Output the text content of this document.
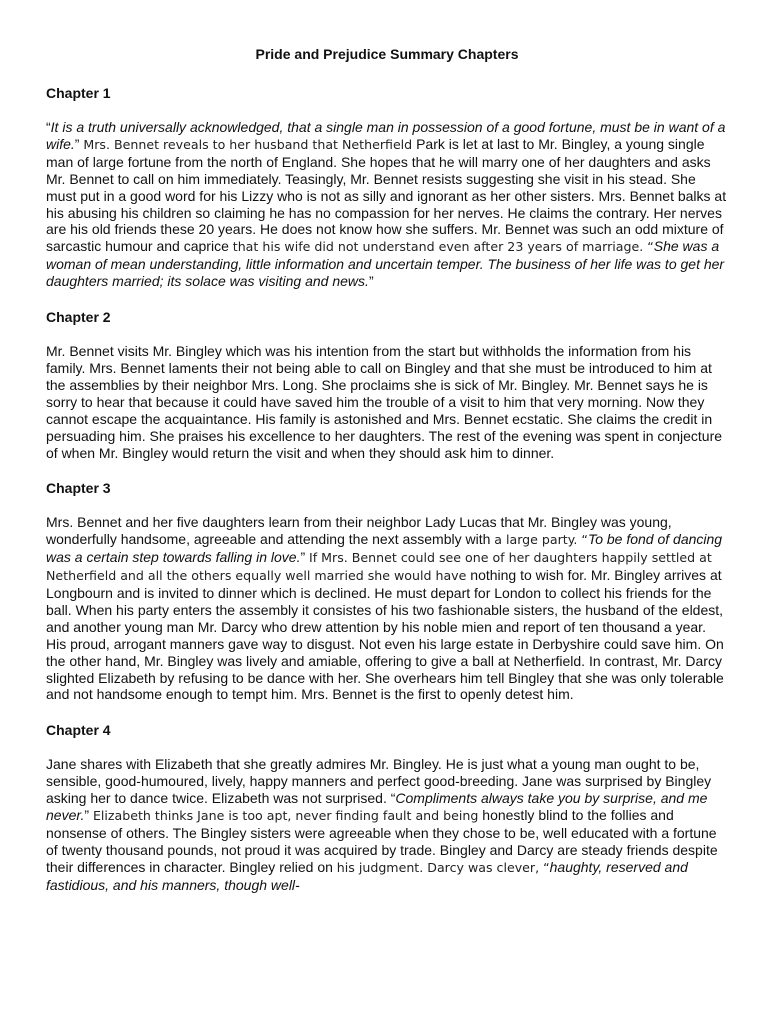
Pride and Prejudice Summary Chapters
Chapter 1
“It is a truth universally acknowledged, that a single man in possession of a good fortune, must be in want of a wife.” Mrs. Bennet reveals to her husband that Netherfield Park is let at last to Mr. Bingley, a young single man of large fortune from the north of England. She hopes that he will marry one of her daughters and asks Mr. Bennet to call on him immediately. Teasingly, Mr. Bennet resists suggesting she visit in his stead. She must put in a good word for his Lizzy who is not as silly and ignorant as her other sisters. Mrs. Bennet balks at his abusing his children so claiming he has no compassion for her nerves. He claims the contrary. Her nerves are his old friends these 20 years. He does not know how she suffers. Mr. Bennet was such an odd mixture of sarcastic humour and caprice that his wife did not understand even after 23 years of marriage. “She was a woman of mean understanding, little information and uncertain temper. The business of her life was to get her daughters married; its solace was visiting and news.”
Chapter 2
Mr. Bennet visits Mr. Bingley which was his intention from the start but withholds the information from his family. Mrs. Bennet laments their not being able to call on Bingley and that she must be introduced to him at the assemblies by their neighbor Mrs. Long. She proclaims she is sick of Mr. Bingley. Mr. Bennet says he is sorry to hear that because it could have saved him the trouble of a visit to him that very morning. Now they cannot escape the acquaintance. His family is astonished and Mrs. Bennet ecstatic. She claims the credit in persuading him. She praises his excellence to her daughters. The rest of the evening was spent in conjecture of when Mr. Bingley would return the visit and when they should ask him to dinner.
Chapter 3
Mrs. Bennet and her five daughters learn from their neighbor Lady Lucas that Mr. Bingley was young, wonderfully handsome, agreeable and attending the next assembly with a large party. “To be fond of dancing was a certain step towards falling in love.” If Mrs. Bennet could see one of her daughters happily settled at Netherfield and all the others equally well married she would have nothing to wish for. Mr. Bingley arrives at Longbourn and is invited to dinner which is declined. He must depart for London to collect his friends for the ball. When his party enters the assembly it consistes of his two fashionable sisters, the husband of the eldest, and another young man Mr. Darcy who drew attention by his noble mien and report of ten thousand a year. His proud, arrogant manners gave way to disgust. Not even his large estate in Derbyshire could save him. On the other hand, Mr. Bingley was lively and amiable, offering to give a ball at Netherfield. In contrast, Mr. Darcy slighted Elizabeth by refusing to be dance with her. She overhears him tell Bingley that she was only tolerable and not handsome enough to tempt him. Mrs. Bennet is the first to openly detest him.
Chapter 4
Jane shares with Elizabeth that she greatly admires Mr. Bingley. He is just what a young man ought to be, sensible, good-humoured, lively, happy manners and perfect good-breeding. Jane was surprised by Bingley asking her to dance twice. Elizabeth was not surprised. “Compliments always take you by surprise, and me never.” Elizabeth thinks Jane is too apt, never finding fault and being honestly blind to the follies and nonsense of others. The Bingley sisters were agreeable when they chose to be, well educated with a fortune of twenty thousand pounds, not proud it was acquired by trade. Bingley and Darcy are steady friends despite their differences in character. Bingley relied on his judgment. Darcy was clever, “haughty, reserved and fastidious, and his manners, though well-
